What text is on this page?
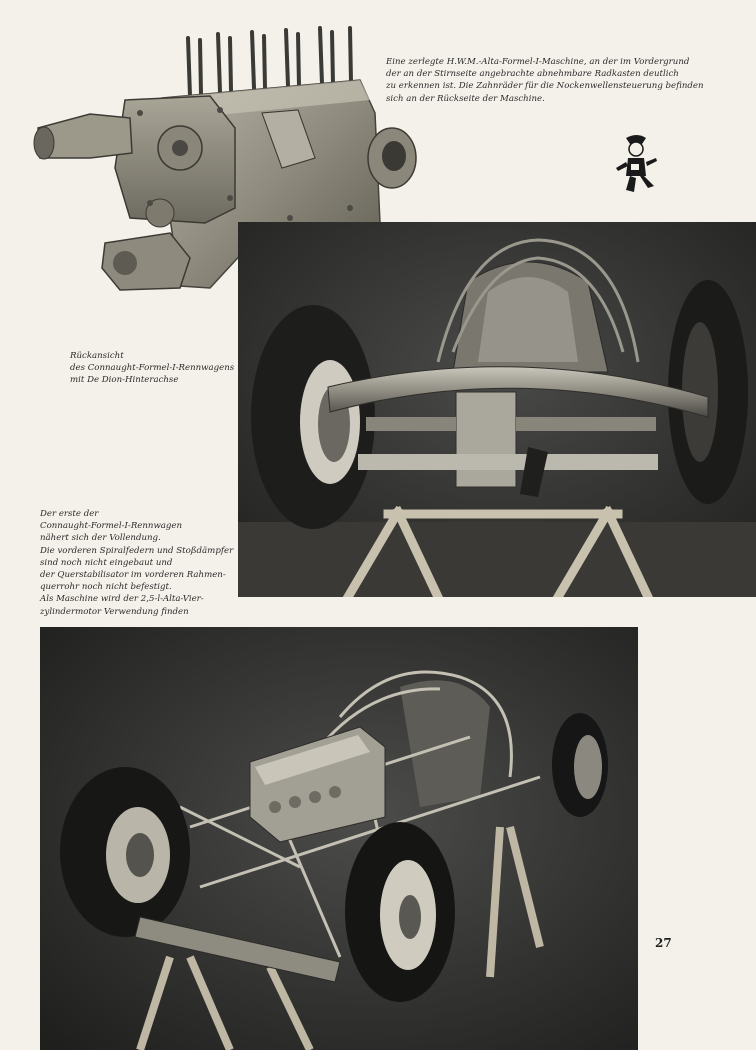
Eine zerlegte H.W.M.-Alta-Formel-I-Maschine, an der im Vordergrund
der an der Stirnseite angebrachte abnehmbare Radkasten deutlich
zu erkennen ist. Die Zahnräder für die Nockenwellensteuerung befinden
sich an der Rückseite der Maschine.
Rückansicht
des Connaught-Formel-I-Rennwagens
mit De Dion-Hinterachse
Der erste der
Connaught-Formel-I-Rennwagen
nähert sich der Vollendung.
Die vorderen Spiralfedern und Stoßdämpfer
sind noch nicht eingebaut und
der Querstabilisator im vorderen Rahmen-
querrohr noch nicht befestigt.
Als Maschine wird der 2,5-l-Alta-Vier-
zylindermotor Verwendung finden
27
